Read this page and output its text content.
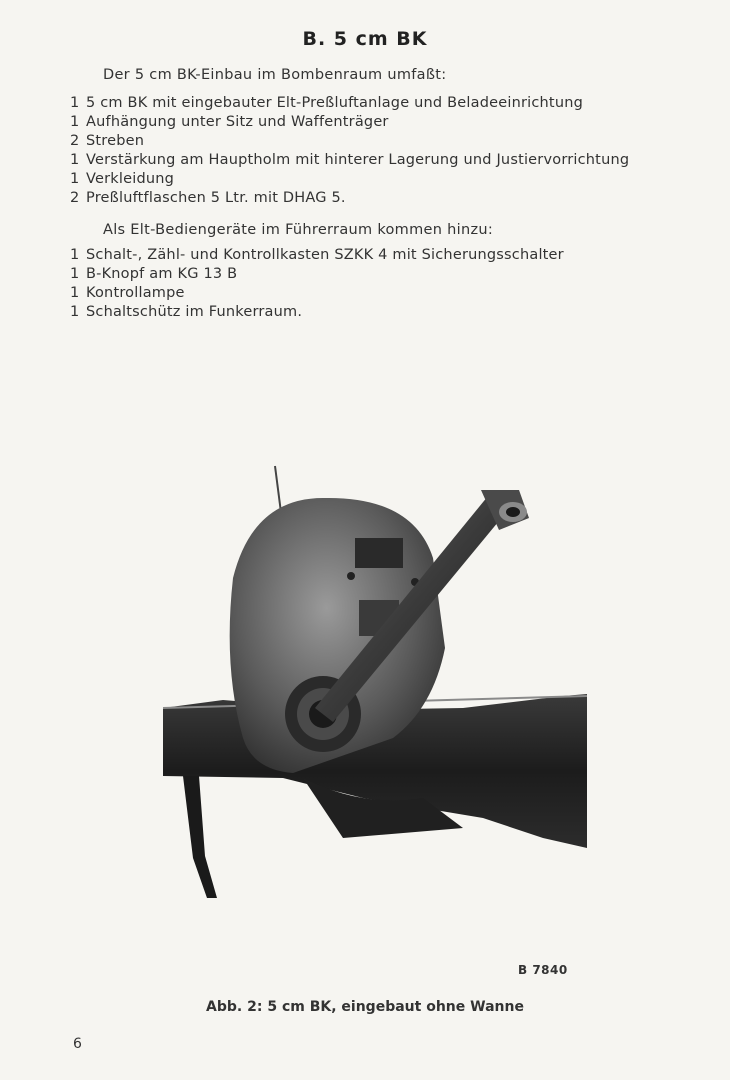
B. 5 cm BK
Der 5 cm BK-Einbau im Bombenraum umfaßt:
1 5 cm BK mit eingebauter Elt-Preßluftanlage und Beladeeinrichtung
1 Aufhängung unter Sitz und Waffenträger
2 Streben
1 Verstärkung am Hauptholm mit hinterer Lagerung und Justiervorrichtung
1 Verkleidung
2 Preßluftflaschen 5 Ltr. mit DHAG 5.
Als Elt-Bediengeräte im Führerraum kommen hinzu:
1 Schalt-, Zähl- und Kontrollkasten SZKK 4 mit Sicherungsschalter
1 B-Knopf am KG 13 B
1 Kontrollampe
1 Schaltschütz im Funkerraum.
B 7840
Abb. 2: 5 cm BK, eingebaut ohne Wanne
6
